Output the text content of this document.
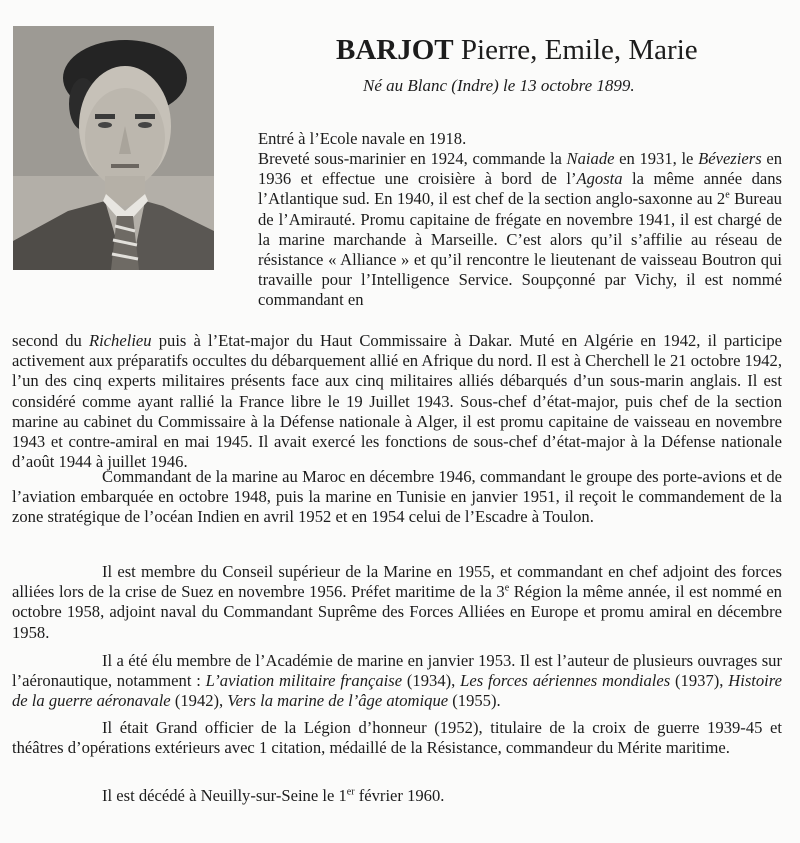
BARJOT Pierre, Emile, Marie
Né au Blanc (Indre) le 13 octobre 1899.
Entré à l’Ecole navale en 1918.
Breveté sous-marinier en 1924, commande la Naiade en 1931, le Béveziers en 1936 et effectue une croisière à bord de l’Agosta la même année dans l’Atlantique sud. En 1940, il est chef de la section anglo-saxonne au 2e Bureau de l’Amirauté. Promu capitaine de frégate en novembre 1941, il est chargé de la marine marchande à Marseille. C’est alors qu’il s’affilie au réseau de résistance « Alliance » et qu’il rencontre le lieutenant de vaisseau Boutron qui travaille pour l’Intelligence Service. Soupçonné par Vichy, il est nommé commandant en
second du Richelieu puis à l’Etat-major du Haut Commissaire à Dakar. Muté en Algérie en 1942, il participe activement aux préparatifs occultes du débarquement allié en Afrique du nord. Il est à Cherchell le 21 octobre 1942, l’un des cinq experts militaires présents face aux cinq militaires alliés débarqués d’un sous-marin anglais. Il est considéré comme ayant rallié la France libre le 19 Juillet 1943. Sous-chef d’état-major, puis chef de la section marine au cabinet du Commissaire à la Défense nationale à Alger, il est promu capitaine de vaisseau en novembre 1943 et contre-amiral en mai 1945. Il avait exercé les fonctions de sous-chef d’état-major à la Défense nationale d’août 1944 à juillet 1946.
Commandant de la marine au Maroc en décembre 1946, commandant le groupe des porte-avions et de l’aviation embarquée en octobre 1948, puis la marine en Tunisie en janvier 1951, il reçoit le commandement de la zone stratégique de l’océan Indien en avril 1952 et en 1954 celui de l’Escadre à Toulon.
Il est membre du Conseil supérieur de la Marine en 1955, et commandant en chef adjoint des forces alliées lors de la crise de Suez en novembre 1956. Préfet maritime de la 3e Région la même année, il est nommé en octobre 1958, adjoint naval du Commandant Suprême des Forces Alliées en Europe et promu amiral en décembre 1958.
Il a été élu membre de l’Académie de marine en janvier 1953. Il est l’auteur de plusieurs ouvrages sur l’aéronautique, notamment : L’aviation militaire française (1934), Les forces aériennes mondiales (1937), Histoire de la guerre aéronavale (1942), Vers la marine de l’âge atomique (1955).
Il était Grand officier de la Légion d’honneur (1952), titulaire de la croix de guerre 1939-45 et théâtres d’opérations extérieurs avec 1 citation, médaillé de la Résistance, commandeur du Mérite maritime.
Il est décédé à Neuilly-sur-Seine le 1er février 1960.
